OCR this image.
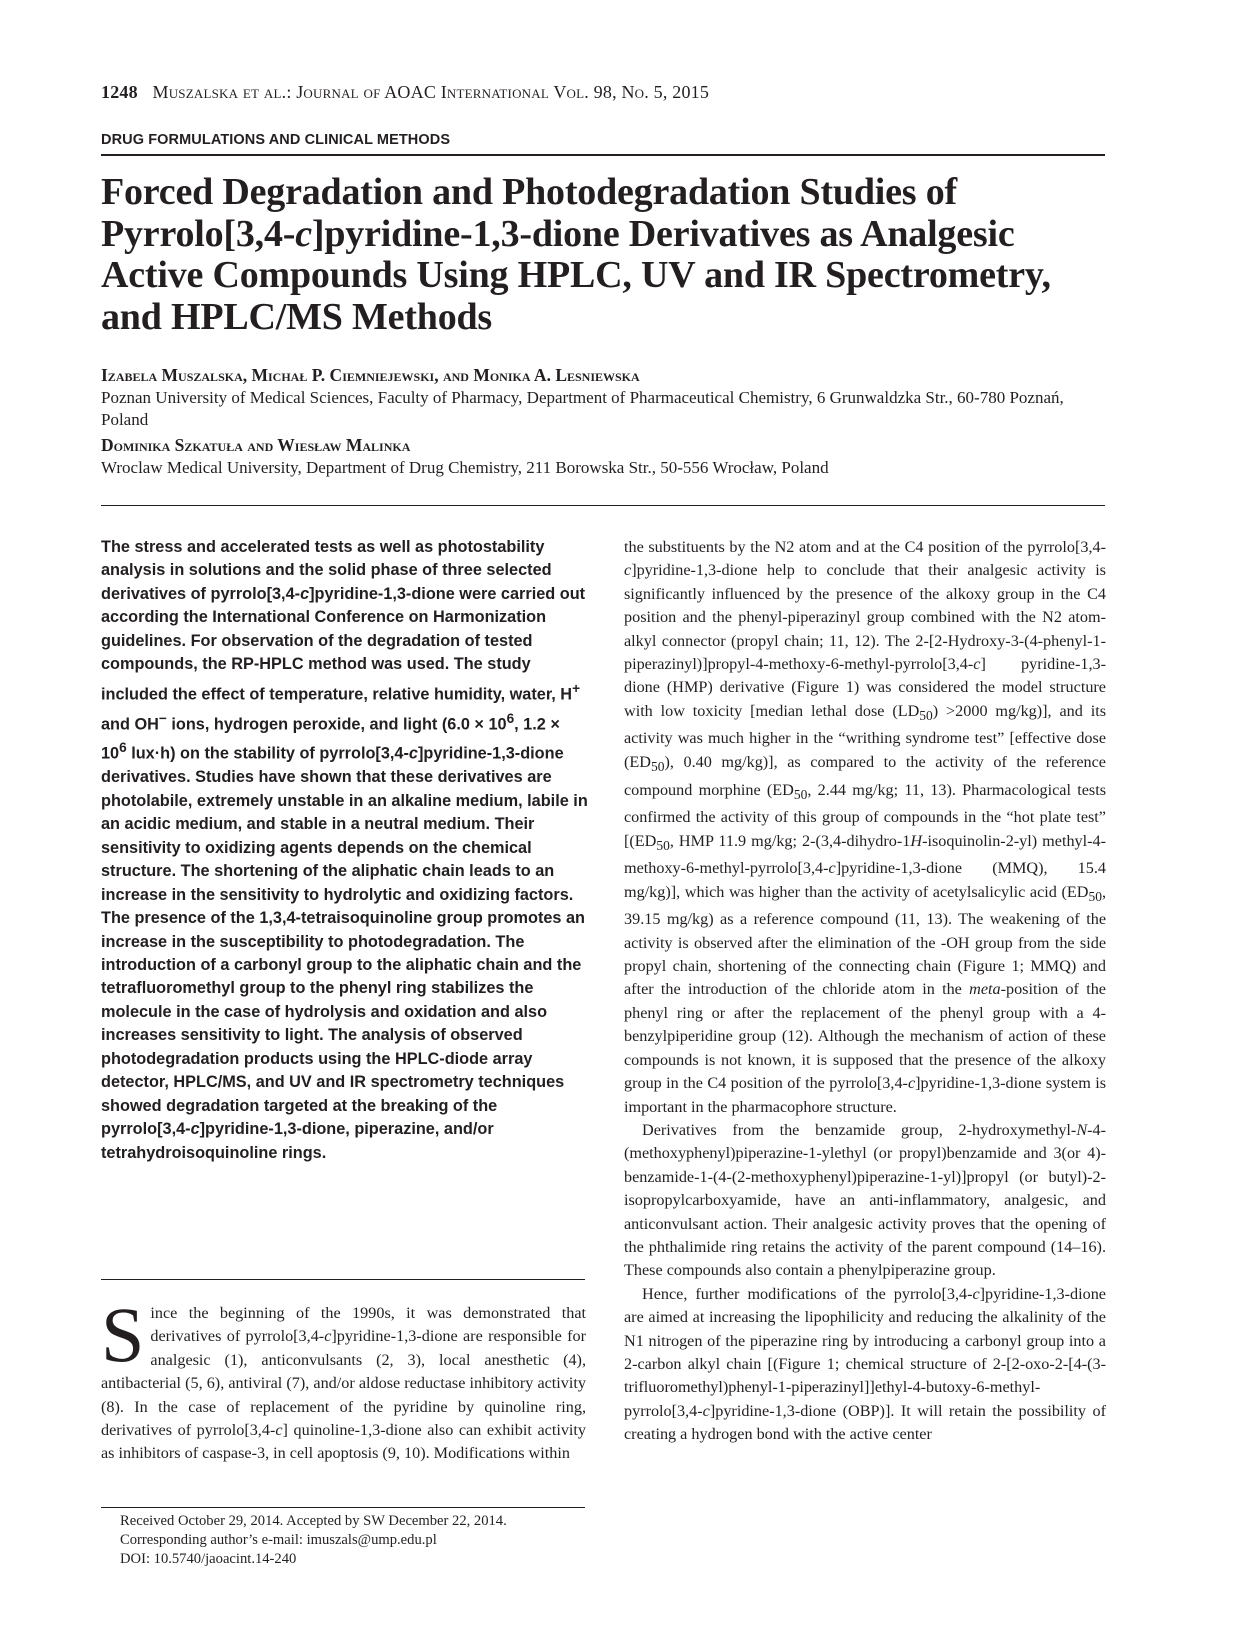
1248 Muszalska et al.: Journal of AOAC International Vol. 98, No. 5, 2015
DRUG FORMULATIONS AND CLINICAL METHODS
Forced Degradation and Photodegradation Studies of Pyrrolo[3,4-c]pyridine-1,3-dione Derivatives as Analgesic Active Compounds Using HPLC, UV and IR Spectrometry, and HPLC/MS Methods
Izabela Muszalska, Michał P. Ciemniejewski, and Monika A. Lesniewska
Poznan University of Medical Sciences, Faculty of Pharmacy, Department of Pharmaceutical Chemistry, 6 Grunwaldzka Str., 60-780 Poznań, Poland
Dominika Szkatuła and Wiesław Malinka
Wroclaw Medical University, Department of Drug Chemistry, 211 Borowska Str., 50-556 Wrocław, Poland

The stress and accelerated tests as well as photostability analysis in solutions and the solid phase of three selected derivatives of pyrrolo[3,4-c]pyridine-1,3-dione were carried out according the International Conference on Harmonization guidelines. For observation of the degradation of tested compounds, the RP-HPLC method was used. The study included the effect of temperature, relative humidity, water, H+ and OH− ions, hydrogen peroxide, and light ($6.0 \times 10^6$, $1.2 \times 10^6$ lux·h) on the stability of pyrrolo[3,4-c]pyridine-1,3-dione derivatives. Studies have shown that these derivatives are photolabile, extremely unstable in an alkaline medium, labile in an acidic medium, and stable in a neutral medium. Their sensitivity to oxidizing agents depends on the chemical structure. The shortening of the aliphatic chain leads to an increase in the sensitivity to hydrolytic and oxidizing factors. The presence of the 1,3,4-tetraisoquinoline group promotes an increase in the susceptibility to photodegradation. The introduction of a carbonyl group to the aliphatic chain and the tetrafluoromethyl group to the phenyl ring stabilizes the molecule in the case of hydrolysis and oxidation and also increases sensitivity to light. The analysis of observed photodegradation products using the HPLC-diode array detector, HPLC/MS, and UV and IR spectrometry techniques showed degradation targeted at the breaking of the pyrrolo[3,4-c]pyridine-1,3-dione, piperazine, and/or tetrahydroisoquinoline rings.

Since the beginning of the 1990s, it was demonstrated that derivatives of pyrrolo[3,4-c]pyridine-1,3-dione are responsible for analgesic (1), anticonvulsants (2, 3), local anesthetic (4), antibacterial (5, 6), antiviral (7), and/or aldose reductase inhibitory activity (8). In the case of replacement of the pyridine by quinoline ring, derivatives of pyrrolo[3,4-c] quinoline-1,3-dione also can exhibit activity as inhibitors of caspase-3, in cell apoptosis (9, 10). Modifications within

Received October 29, 2014. Accepted by SW December 22, 2014.
Corresponding author’s e-mail: imuszals@ump.edu.pl
DOI: 10.5740/jaoacint.14-240

the substituents by the N2 atom and at the C4 position of the pyrrolo[3,4-c]pyridine-1,3-dione help to conclude that their analgesic activity is significantly influenced by the presence of the alkoxy group in the C4 position and the phenyl-piperazinyl group combined with the N2 atom-alkyl connector (propyl chain; 11, 12). The 2-[2-Hydroxy-3-(4-phenyl-1-piperazinyl)]propyl-4-methoxy-6-methyl-pyrrolo[3,4-c] pyridine-1,3-dione (HMP) derivative (Figure 1) was considered the model structure with low toxicity [median lethal dose $(LD_{50}) >2000$ mg/kg)], and its activity was much higher in the “writhing syndrome test” [effective dose $(ED_{50})$, 0.40 mg/kg)], as compared to the activity of the reference compound morphine ($ED_{50}$, 2.44 mg/kg; 11, 13). Pharmacological tests confirmed the activity of this group of compounds in the “hot plate test” [($ED_{50}$, HMP 11.9 mg/kg; 2-(3,4-dihydro-1H-isoquinolin-2-yl) methyl-4-methoxy-6-methyl-pyrrolo[3,4-c]pyridine-1,3-dione (MMQ), 15.4 mg/kg)], which was higher than the activity of acetylsalicylic acid ($ED_{50}$, 39.15 mg/kg) as a reference compound (11, 13). The weakening of the activity is observed after the elimination of the -OH group from the side propyl chain, shortening of the connecting chain (Figure 1; MMQ) and after the introduction of the chloride atom in the meta-position of the phenyl ring or after the replacement of the phenyl group with a 4-benzylpiperidine group (12). Although the mechanism of action of these compounds is not known, it is supposed that the presence of the alkoxy group in the C4 position of the pyrrolo[3,4-c]pyridine-1,3-dione system is important in the pharmacophore structure.

Derivatives from the benzamide group, 2-hydroxymethyl-N-4-(methoxyphenyl)piperazine-1-ylethyl (or propyl)benzamide and 3(or 4)-benzamide-1-(4-(2-methoxyphenyl)piperazine-1-yl)]propyl (or butyl)-2-isopropylcarboxyamide, have an anti-inflammatory, analgesic, and anticonvulsant action. Their analgesic activity proves that the opening of the phthalimide ring retains the activity of the parent compound (14–16). These compounds also contain a phenylpiperazine group.

Hence, further modifications of the pyrrolo[3,4-c]pyridine-1,3-dione are aimed at increasing the lipophilicity and reducing the alkalinity of the N1 nitrogen of the piperazine ring by introducing a carbonyl group into a 2-carbon alkyl chain [(Figure 1; chemical structure of 2-[2-oxo-2-[4-(3-trifluoromethyl)phenyl-1-piperazinyl]]ethyl-4-butoxy-6-methyl-pyrrolo[3,4-c]pyridine-1,3-dione (OBP)]. It will retain the possibility of creating a hydrogen bond with the active center
